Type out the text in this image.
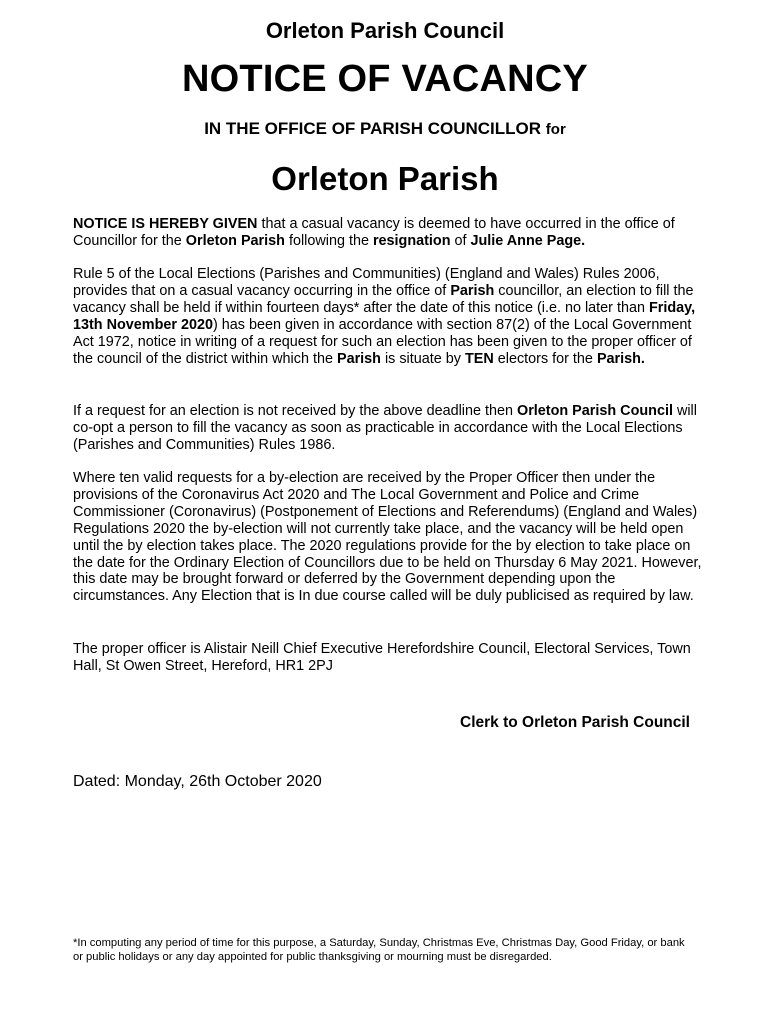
Orleton Parish Council
NOTICE OF VACANCY
IN THE OFFICE OF PARISH COUNCILLOR for
Orleton Parish

NOTICE IS HEREBY GIVEN that a casual vacancy is deemed to have occurred in the office of Councillor for the Orleton Parish following the resignation of Julie Anne Page.

Rule 5 of the Local Elections (Parishes and Communities) (England and Wales) Rules 2006, provides that on a casual vacancy occurring in the office of Parish councillor, an election to fill the vacancy shall be held if within fourteen days* after the date of this notice (i.e. no later than Friday, 13th November 2020) has been given in accordance with section 87(2) of the Local Government Act 1972, notice in writing of a request for such an election has been given to the proper officer of the council of the district within which the Parish is situate by TEN electors for the Parish.

If a request for an election is not received by the above deadline then Orleton Parish Council will co-opt a person to fill the vacancy as soon as practicable in accordance with the Local Elections (Parishes and Communities) Rules 1986.

Where ten valid requests for a by-election are received by the Proper Officer then under the provisions of the Coronavirus Act 2020 and The Local Government and Police and Crime Commissioner (Coronavirus) (Postponement of Elections and Referendums) (England and Wales) Regulations 2020 the by-election will not currently take place, and the vacancy will be held open until the by election takes place. The 2020 regulations provide for the by election to take place on the date for the Ordinary Election of Councillors due to be held on Thursday 6 May 2021. However, this date may be brought forward or deferred by the Government depending upon the circumstances. Any Election that is In due course called will be duly publicised as required by law.

The proper officer is Alistair Neill Chief Executive Herefordshire Council, Electoral Services, Town Hall, St Owen Street, Hereford, HR1 2PJ

Clerk to Orleton Parish Council
Dated: Monday, 26th October 2020

*In computing any period of time for this purpose, a Saturday, Sunday, Christmas Eve, Christmas Day, Good Friday, or bank or public holidays or any day appointed for public thanksgiving or mourning must be disregarded.
